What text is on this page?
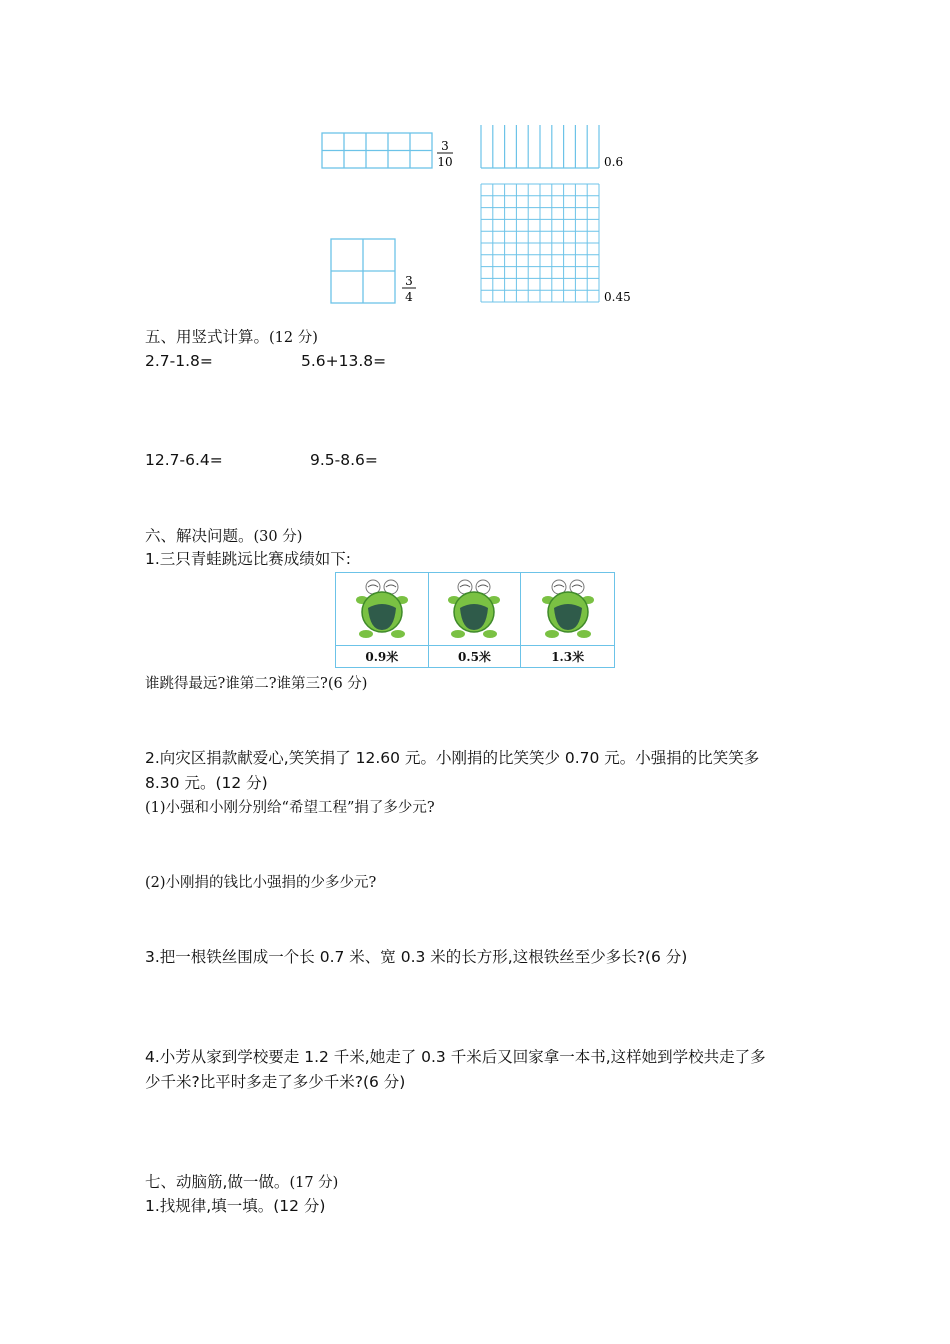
3
10	0.6
3
4	0.45
五、用竖式计算。(12 分)
2.7-1.8=	5.6+13.8=
12.7-6.4=	9.5-8.6=
六、解决问题。(30 分)
1.三只青蛙跳远比赛成绩如下:
0.9米	0.5米	1.3米
谁跳得最远?谁第二?谁第三?(6 分)
2.向灾区捐款献爱心,笑笑捐了 12.60 元。小刚捐的比笑笑少 0.70 元。小强捐的比笑笑多
8.30 元。(12 分)
(1)小强和小刚分别给“希望工程”捐了多少元?
(2)小刚捐的钱比小强捐的少多少元?
3.把一根铁丝围成一个长 0.7 米、宽 0.3 米的长方形,这根铁丝至少多长?(6 分)
4.小芳从家到学校要走 1.2 千米,她走了 0.3 千米后又回家拿一本书,这样她到学校共走了多
少千米?比平时多走了多少千米?(6 分)
七、动脑筋,做一做。(17 分)
1.找规律,填一填。(12 分)
